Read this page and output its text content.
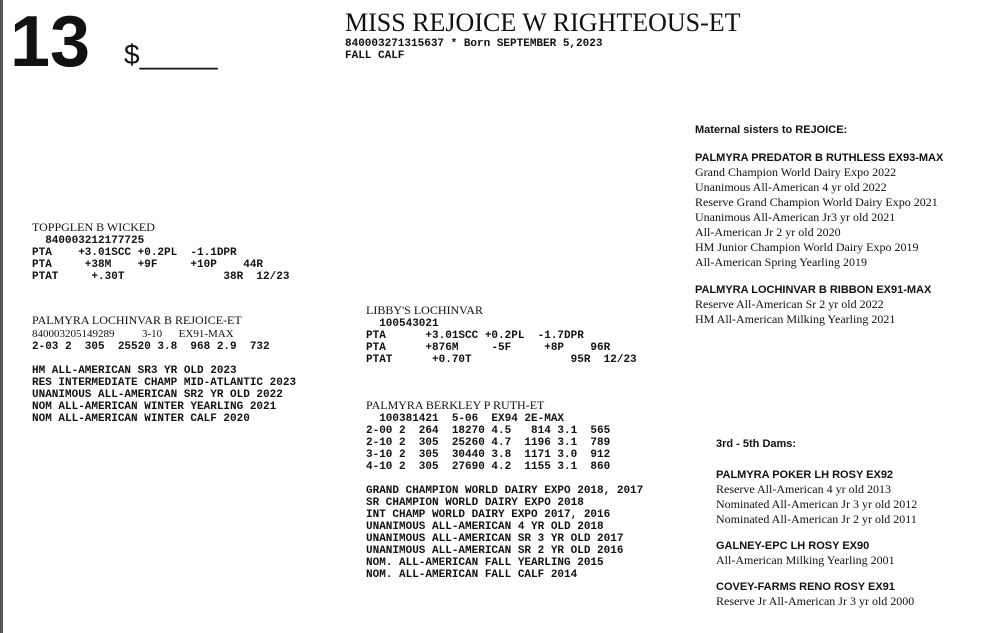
13 $_____
MISS REJOICE W RIGHTEOUS-ET
840003271315637 * Born SEPTEMBER 5,2023
FALL CALF
TOPPGLEN B WICKED
840003212177725
PTA    +3.01SCC +0.2PL  -1.1DPR
PTA     +38M    +9F     +10P    44R
PTAT     +.30T               38R  12/23
PALMYRA LOCHINVAR B REJOICE-ET
840003205149289          3-10      EX91-MAX
2-03 2  305  25520 3.8  968 2.9  732
HM ALL-AMERICAN SR3 YR OLD 2023
RES INTERMEDIATE CHAMP MID-ATLANTIC 2023
UNANIMOUS ALL-AMERICAN SR2 YR OLD 2022
NOM ALL-AMERICAN WINTER YEARLING 2021
NOM ALL-AMERICAN WINTER CALF 2020
LIBBY'S LOCHINVAR
100543021
PTA      +3.01SCC +0.2PL  -1.7DPR
PTA      +876M     -5F     +8P    96R
PTAT      +0.70T               95R  12/23
PALMYRA BERKLEY P RUTH-ET
100381421  5-06  EX94 2E-MAX
2-00 2  264  18270 4.5   814 3.1  565
2-10 2  305  25260 4.7  1196 3.1  789
3-10 2  305  30440 3.8  1171 3.0  912
4-10 2  305  27690 4.2  1155 3.1  860
GRAND CHAMPION WORLD DAIRY EXPO 2018, 2017
SR CHAMPION WORLD DAIRY EXPO 2018
INT CHAMP WORLD DAIRY EXPO 2017, 2016
UNANIMOUS ALL-AMERICAN 4 YR OLD 2018
UNANIMOUS ALL-AMERICAN SR 3 YR OLD 2017
UNANIMOUS ALL-AMERICAN SR 2 YR OLD 2016
NOM. ALL-AMERICAN FALL YEARLING 2015
NOM. ALL-AMERICAN FALL CALF 2014
Maternal sisters to REJOICE:
PALMYRA PREDATOR B RUTHLESS EX93-MAX
Grand Champion World Dairy Expo 2022
Unanimous All-American 4 yr old 2022
Reserve Grand Champion World Dairy Expo 2021
Unanimous All-American Jr3 yr old 2021
All-American Jr 2 yr old 2020
HM Junior Champion World Dairy Expo 2019
All-American Spring Yearling 2019
PALMYRA LOCHINVAR B RIBBON EX91-MAX
Reserve All-American Sr 2 yr old 2022
HM All-American Milking Yearling 2021
3rd - 5th Dams:
PALMYRA POKER LH ROSY EX92
Reserve All-American 4 yr old 2013
Nominated All-American Jr 3 yr old 2012
Nominated All-American Jr 2 yr old 2011
GALNEY-EPC LH ROSY EX90
All-American Milking Yearling 2001
COVEY-FARMS RENO ROSY EX91
Reserve Jr All-American Jr 3 yr old 2000
